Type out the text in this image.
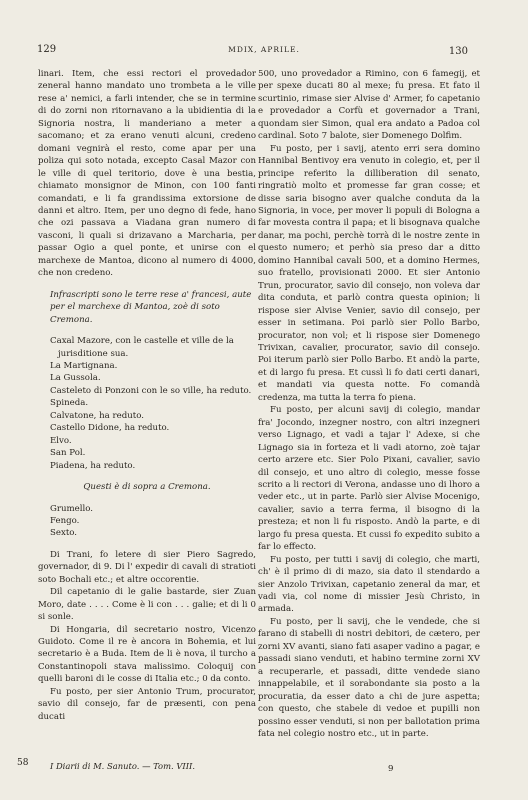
129	MDIX, APRILE.	130

linari. Item, che essi rectori el provedador zeneral hanno mandato uno trombeta a le ville rese a' nemici, a farli intender, che se in termine di do zorni non ritornavano a la ubidientia di la Signoria nostra, li manderiano a meter a sacomano; et za erano venuti alcuni, credeno domani vegnirà el resto, come apar per una poliza qui soto notada, excepto Casal Mazor con le ville di quel teritorio, dove è una bestia, chiamato monsignor de Minon, con 100 fanti comandati, e li fa grandissima extorsione de danni et altro. Item, per uno degno di fede, hano che ozi passava a Viadana gran numero di vasconi, li quali si drizavano a Marcharia, per passar Ogio a quel ponte, et unirse con el marchexe de Mantoa, dicono al numero di 4000, che non credeno.

Infrascripti sono le terre rese a' francesi, aute per el marchexe di Mantoa, zoè di soto Cremona.

Caxal Mazore, con le castelle et ville de la jurisditione sua.

La Martignana.

La Gussola.

Casteleto di Ponzoni con le so ville, ha reduto.

Spineda.

Calvatone, ha reduto.

Castello Didone, ha reduto.

Elvo.

San Pol.

Piadena, ha reduto.

Questi è di sopra a Cremona.

Grumello.

Fengo.

Sexto.

Di Trani, fo letere di sier Piero Sagredo, governador, di 9. Di l' expedir di cavali di stratioti soto Bochali etc.; et altre occorentie.

Dil capetanio di le galie bastarde, sier Zuan Moro, date . . . . Come è li con . . . galie; et di li 0 si sonle.

Di Hongaria, dil secretario nostro, Vicenzo Guidoto. Come il re è ancora in Bohemia, et lui secretario è a Buda. Item de li è nova, il turcho a Constantinopoli stava malissimo. Coloquij con quelli baroni di le cosse di Italia etc.; 0 da conto.

Fu posto, per sier Antonio Trum, procurator, savio dil consejo, far de præsenti, con pena ducati

500, uno provedador a Rimino, con 6 famegij, et per spexe ducati 80 al mexe; fu presa. Et fato il scurtinio, rimase sier Alvise d' Armer, fo capetanio e provedador a Corfù et governador a Trani, quondam sier Simon, qual era andato a Padoa col cardinal. Soto 7 balote, sier Domenego Dolfim.

Fu posto, per i savij, atento erri sera domino Hannibal Bentivoy era venuto in colegio, et, per il principe referito la dilliberation dil senato, ringratiò molto et promesse far gran cosse; et disse saria bisogno aver qualche conduta da la Signoria, in voce, per mover li populi di Bologna a far movesta contra il papa; et li bisognava qualche danar, ma pochi, perchè torrà di le nostre zente in questo numero; et perhò sia preso dar a ditto domino Hannibal cavali 500, et a domino Hermes, suo fratello, provisionati 2000. Et sier Antonio Trun, procurator, savio dil consejo, non voleva dar dita conduta, et parlò contra questa opinion; li rispose sier Alvise Venier, savio dil consejo, per esser in setimana. Poi parlò sier Pollo Barbo, procurator, non vol; et li rispose sier Domenego Trivixan, cavalier, procurator, savio dil consejo. Poi iterum parlò sier Pollo Barbo. Et andò la parte, et di largo fu presa. Et cussì li fo dati certi danari, et mandati via questa notte. Fo comandà credenza, ma tutta la terra fo piena.

Fu posto, per alcuni savij di colegio, mandar fra' Jocondo, inzegner nostro, con altri inzegneri verso Lignago, et vadi a tajar l' Adexe, si che Lignago sia in forteza et li vadi atorno, zoè tajar certo arzere etc. Sier Polo Pixani, cavalier, savio dil consejo, et uno altro di colegio, messe fosse scrito a li rectori di Verona, andasse uno di lhoro a veder etc., ut in parte. Parlò sier Alvise Mocenigo, cavalier, savio a terra ferma, il bisogno di la presteza; et non li fu risposto. Andò la parte, e di largo fu presa questa. Et cussi fo expedito subito a far lo effecto.

Fu posto, per tutti i savij di colegio, che marti, ch' è il primo di di mazo, sia dato il stendardo a sier Anzolo Trivixan, capetanio zeneral da mar, et vadi via, col nome di missier Jesù Christo, in armada.

Fu posto, per li savij, che le vendede, che si farano di stabelli di nostri debitori, de cætero, per zorni XV avanti, siano fati asaper vadino a pagar, e passadi siano venduti, et habino termine zorni XV a recuperarle, et passadi, ditte vendede siano innappelabile, et il sorabondante sia posto a la procuratia, da esser dato a chi de jure aspetta; con questo, che stabele di vedoe et pupilli non possino esser venduti, si non per ballotation prima fata nel colegio nostro etc., ut in parte.

58	I Diarii di M. Sanuto. — Tom. VIII.	9
